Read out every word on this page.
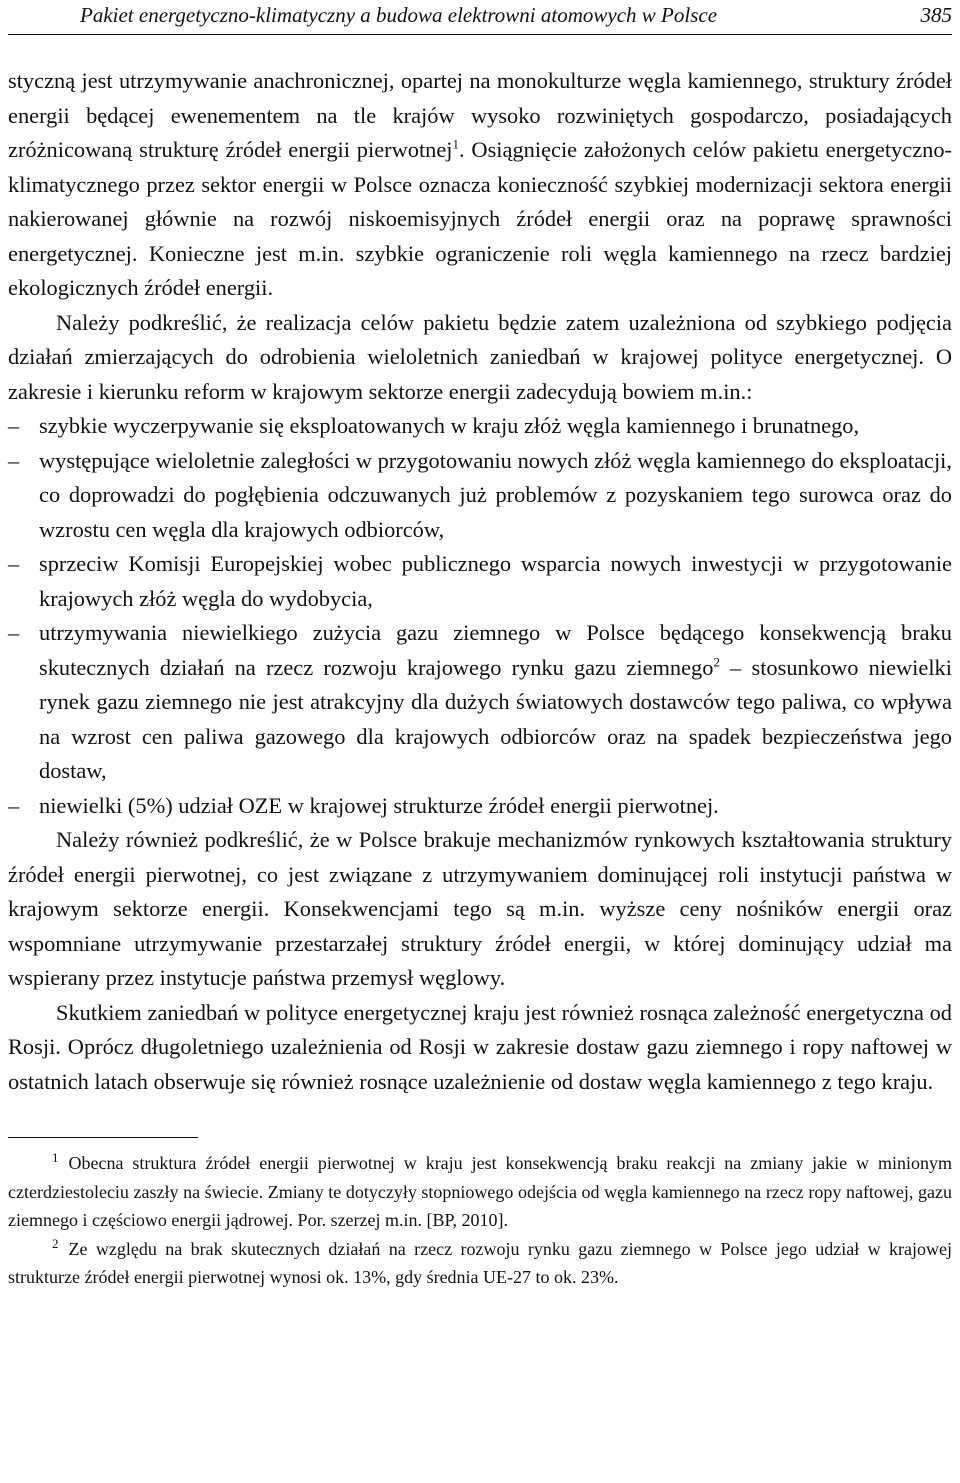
Pakiet energetyczno-klimatyczny a budowa elektrowni atomowych w Polsce	385

styczną jest utrzymywanie anachronicznej, opartej na monokulturze węgla kamiennego, struktury źródeł energii będącej ewenementem na tle krajów wysoko rozwiniętych gospodarczo, posiadających zróżnicowaną strukturę źródeł energii pierwotnej$^1$. Osiągnięcie założonych celów pakietu energetyczno-klimatycznego przez sektor energii w Polsce oznacza konieczność szybkiej modernizacji sektora energii nakierowanej głównie na rozwój niskoemisyjnych źródeł energii oraz na poprawę sprawności energetycznej. Konieczne jest m.in. szybkie ograniczenie roli węgla kamiennego na rzecz bardziej ekologicznych źródeł energii.

Należy podkreślić, że realizacja celów pakietu będzie zatem uzależniona od szybkiego podjęcia działań zmierzających do odrobienia wieloletnich zaniedbań w krajowej polityce energetycznej. O zakresie i kierunku reform w krajowym sektorze energii zadecydują bowiem m.in.:

– szybkie wyczerpywanie się eksploatowanych w kraju złóż węgla kamiennego i brunatnego,
– występujące wieloletnie zaległości w przygotowaniu nowych złóż węgla kamiennego do eksploatacji, co doprowadzi do pogłębienia odczuwanych już problemów z pozyskaniem tego surowca oraz do wzrostu cen węgla dla krajowych odbiorców,
– sprzeciw Komisji Europejskiej wobec publicznego wsparcia nowych inwestycji w przygotowanie krajowych złóż węgla do wydobycia,
– utrzymywania niewielkiego zużycia gazu ziemnego w Polsce będącego konsekwencją braku skutecznych działań na rzecz rozwoju krajowego rynku gazu ziemnego$^2$ – stosunkowo niewielki rynek gazu ziemnego nie jest atrakcyjny dla dużych światowych dostawców tego paliwa, co wpływa na wzrost cen paliwa gazowego dla krajowych odbiorców oraz na spadek bezpieczeństwa jego dostaw,
– niewielki (5%) udział OZE w krajowej strukturze źródeł energii pierwotnej.

Należy również podkreślić, że w Polsce brakuje mechanizmów rynkowych kształtowania struktury źródeł energii pierwotnej, co jest związane z utrzymywaniem dominującej roli instytucji państwa w krajowym sektorze energii. Konsekwencjami tego są m.in. wyższe ceny nośników energii oraz wspomniane utrzymywanie przestarzałej struktury źródeł energii, w której dominujący udział ma wspierany przez instytucje państwa przemysł węglowy.

Skutkiem zaniedbań w polityce energetycznej kraju jest również rosnąca zależność energetyczna od Rosji. Oprócz długoletniego uzależnienia od Rosji w zakresie dostaw gazu ziemnego i ropy naftowej w ostatnich latach obserwuje się również rosnące uzależnienie od dostaw węgla kamiennego z tego kraju.

$^1$ Obecna struktura źródeł energii pierwotnej w kraju jest konsekwencją braku reakcji na zmiany jakie w minionym czterdziestoleciu zaszły na świecie. Zmiany te dotyczyły stopniowego odejścia od węgla kamiennego na rzecz ropy naftowej, gazu ziemnego i częściowo energii jądrowej. Por. szerzej m.in. [BP, 2010].

$^2$ Ze względu na brak skutecznych działań na rzecz rozwoju rynku gazu ziemnego w Polsce jego udział w krajowej strukturze źródeł energii pierwotnej wynosi ok. 13%, gdy średnia UE-27 to ok. 23%.
